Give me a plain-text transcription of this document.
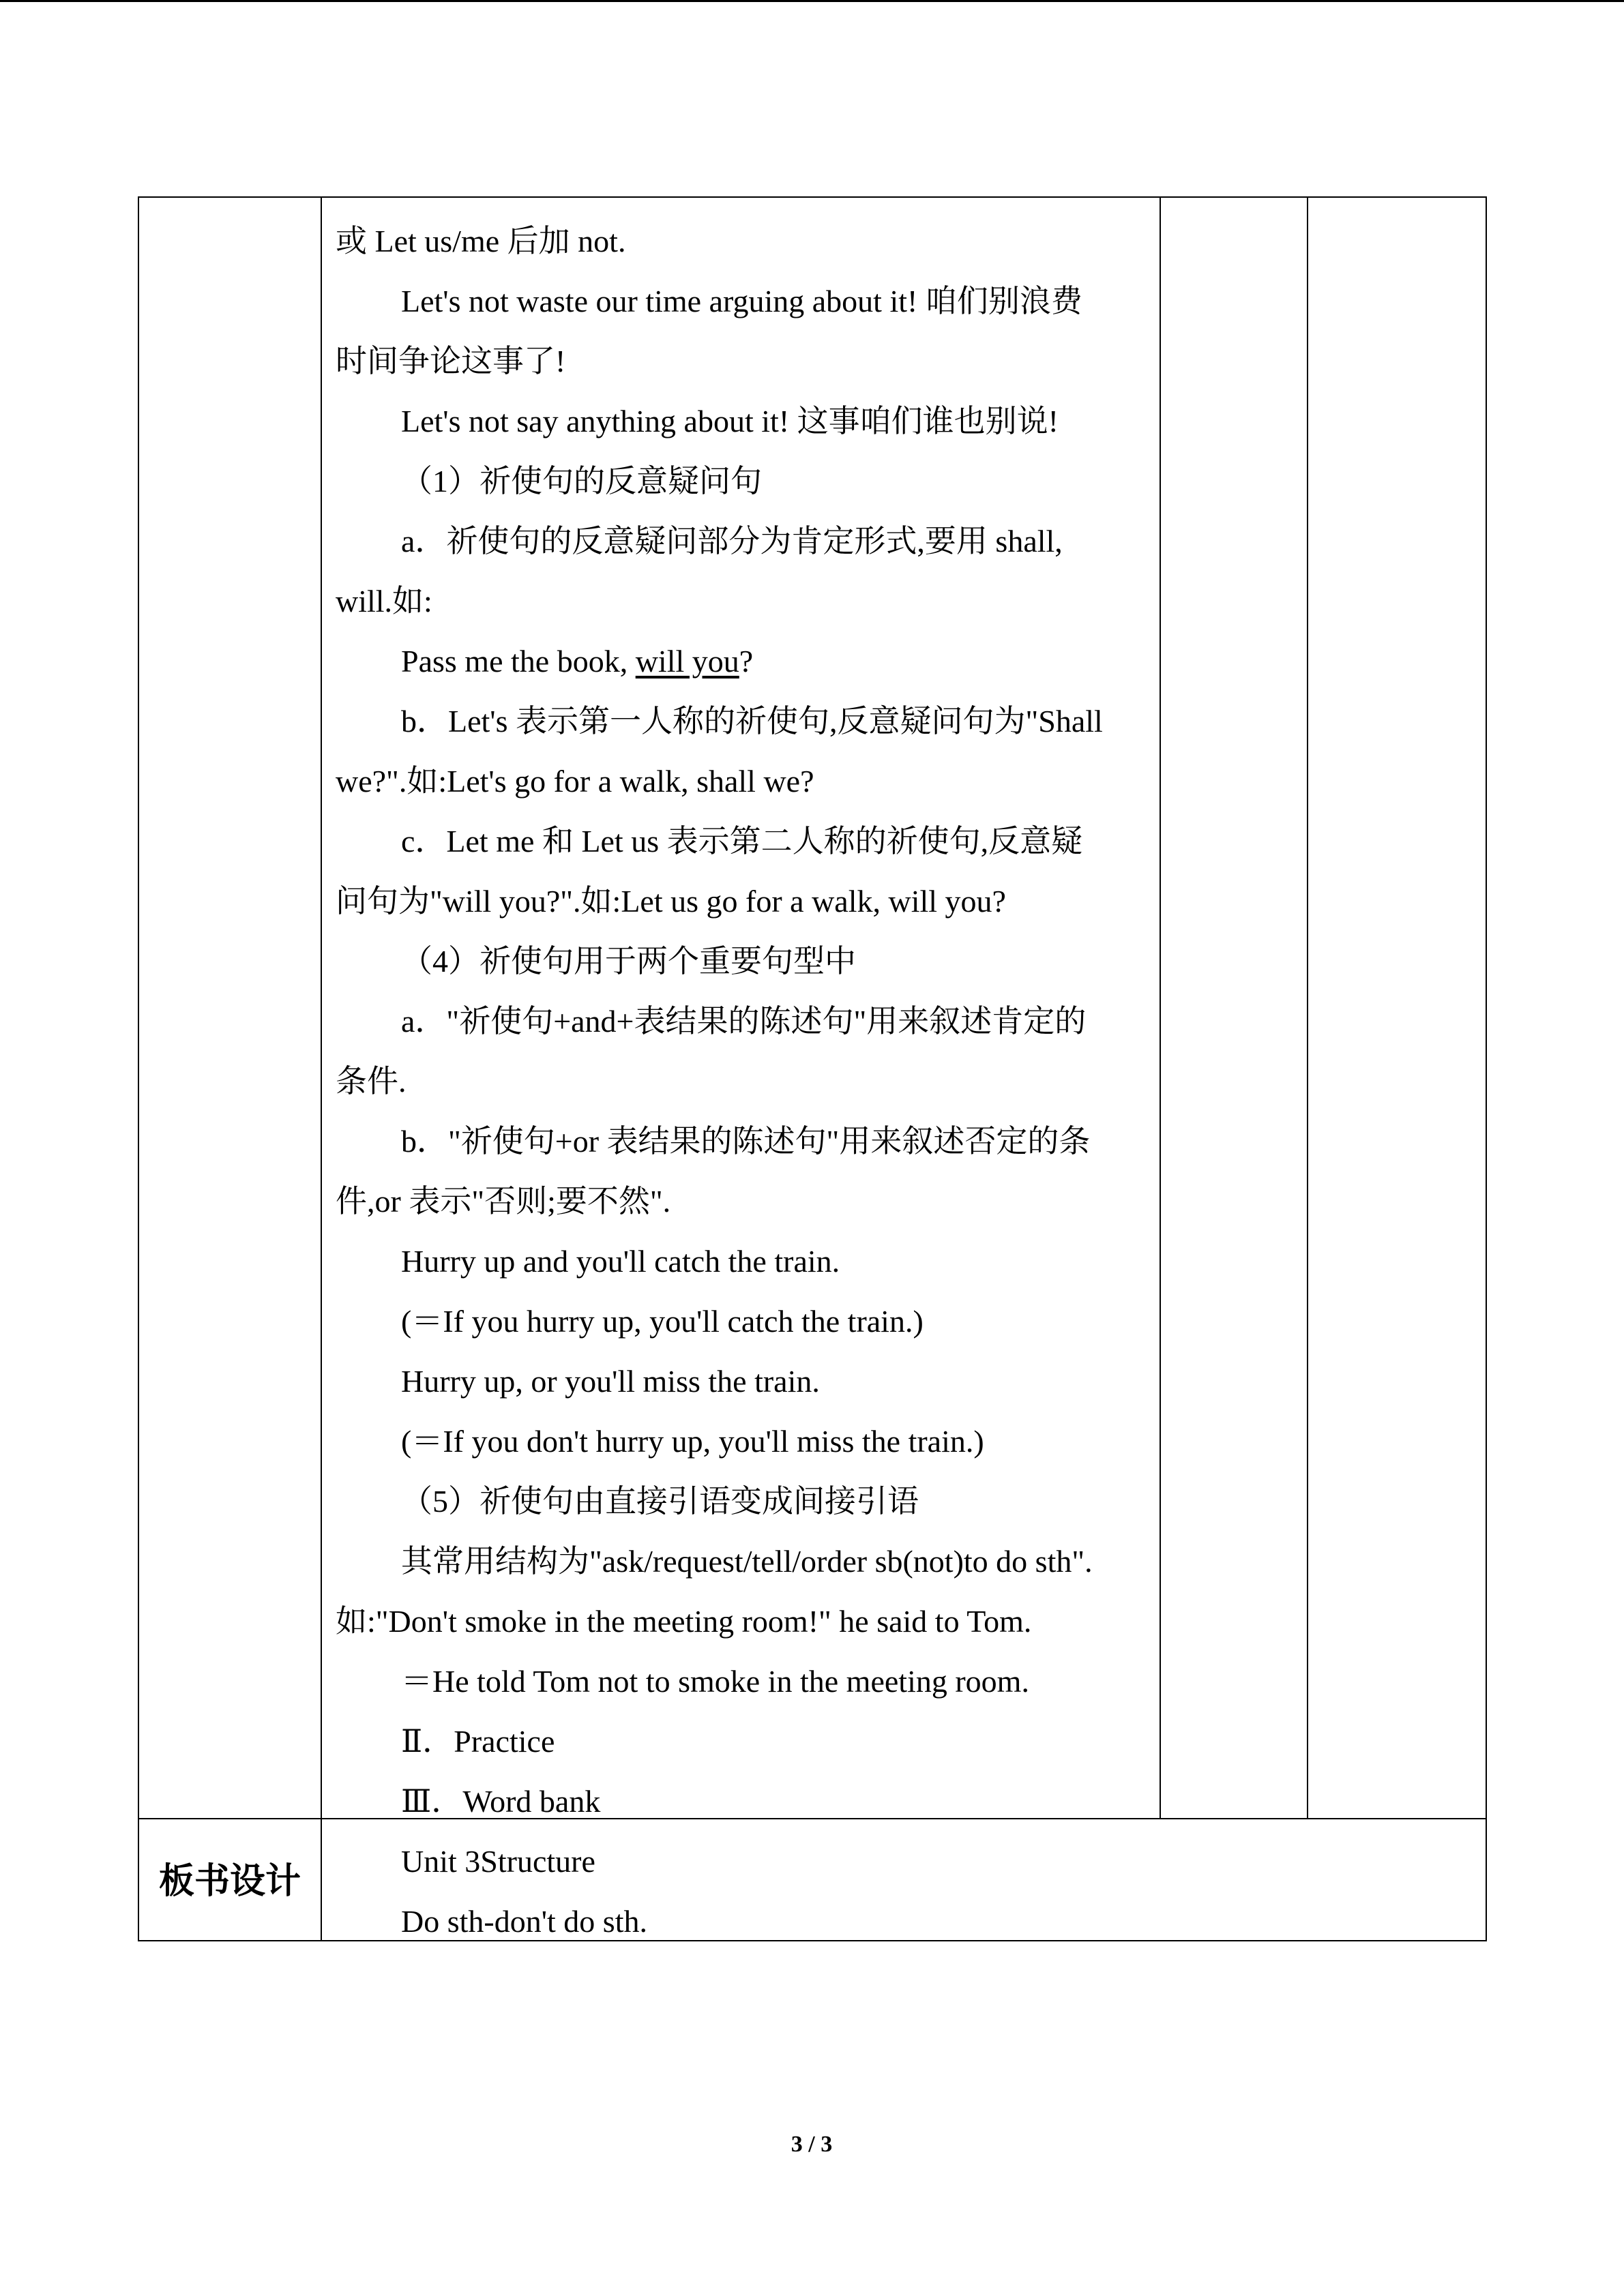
或 Let us/me 后加 not.
Let's not waste our time arguing about it! 咱们别浪费
时间争论这事了!
Let's not say anything about it! 这事咱们谁也别说!
（1）祈使句的反意疑问句
a．祈使句的反意疑问部分为肯定形式,要用 shall,
will.如:
Pass me the book, will you?
b．Let's 表示第一人称的祈使句,反意疑问句为"Shall
we?".如:Let's go for a walk, shall we?
c．Let me 和 Let us 表示第二人称的祈使句,反意疑
问句为"will you?".如:Let us go for a walk, will you?
（4）祈使句用于两个重要句型中
a．"祈使句+and+表结果的陈述句"用来叙述肯定的
条件.
b．"祈使句+or 表结果的陈述句"用来叙述否定的条
件,or 表示"否则;要不然".
Hurry up and you'll catch the train.
(＝If you hurry up, you'll catch the train.)
Hurry up, or you'll miss the train.
(＝If you don't hurry up, you'll miss the train.)
（5）祈使句由直接引语变成间接引语
其常用结构为"ask/request/tell/order sb(not)to do sth".
如:"Don't smoke in the meeting room!" he said to Tom.
＝He told Tom not to smoke in the meeting room.
Ⅱ．Practice
Ⅲ．Word bank
板书设计	Unit 3Structure
Do sth-don't do sth.
3 / 3
